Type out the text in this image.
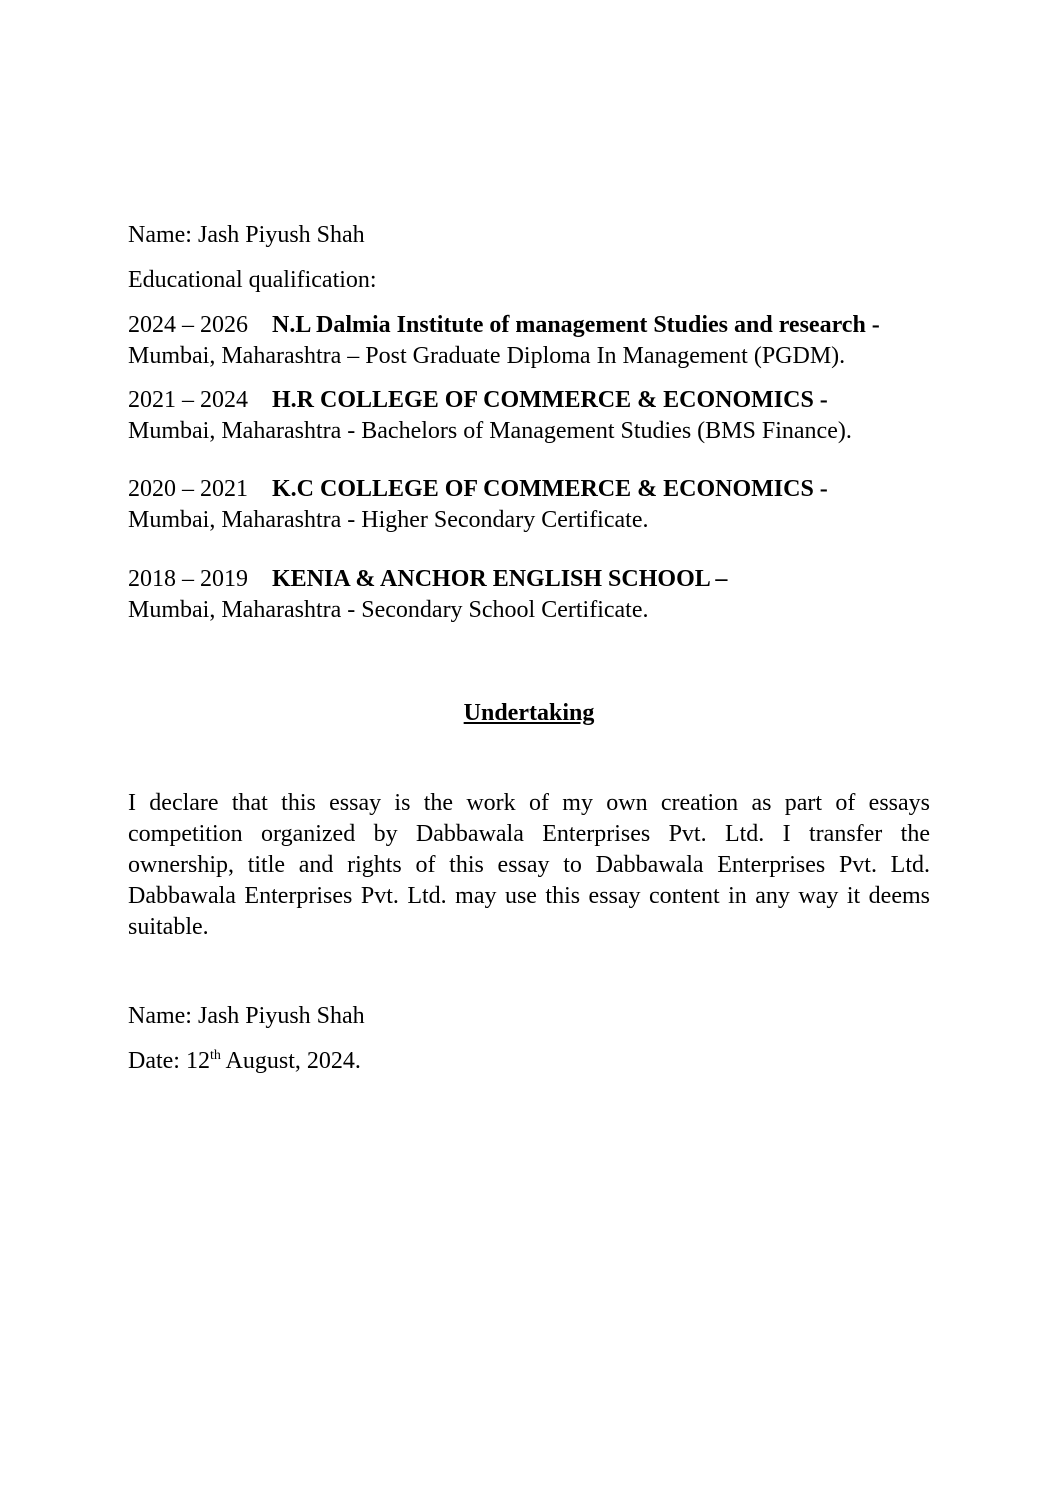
Name: Jash Piyush Shah
Educational qualification:
2024 – 2026 N.L Dalmia Institute of management Studies and research -
Mumbai, Maharashtra – Post Graduate Diploma In Management (PGDM).
2021 – 2024 H.R COLLEGE OF COMMERCE & ECONOMICS -
Mumbai, Maharashtra - Bachelors of Management Studies (BMS Finance).
2020 – 2021 K.C COLLEGE OF COMMERCE & ECONOMICS -
Mumbai, Maharashtra - Higher Secondary Certificate.
2018 – 2019 KENIA & ANCHOR ENGLISH SCHOOL –
Mumbai, Maharashtra - Secondary School Certificate.
Undertaking
I declare that this essay is the work of my own creation as part of essays competition organized by Dabbawala Enterprises Pvt. Ltd. I transfer the ownership, title and rights of this essay to Dabbawala Enterprises Pvt. Ltd. Dabbawala Enterprises Pvt. Ltd. may use this essay content in any way it deems suitable.
Name: Jash Piyush Shah
Date: 12th August, 2024.
